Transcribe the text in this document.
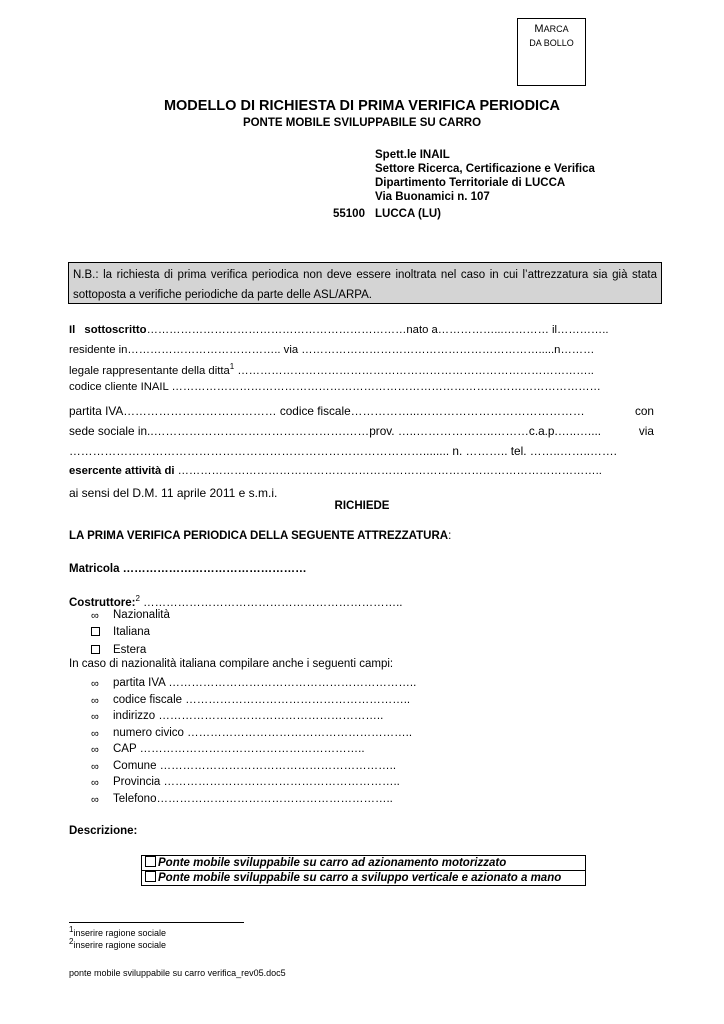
MARCA
DA BOLLO
MODELLO DI RICHIESTA DI PRIMA VERIFICA PERIODICA
PONTE MOBILE SVILUPPABILE SU CARRO
Spett.le INAIL
Settore Ricerca, Certificazione e Verifica
Dipartimento Territoriale di LUCCA
Via Buonamici n. 107
55100 LUCCA (LU)
N.B.: la richiesta di prima verifica periodica non deve essere inoltrata nel caso in cui l’attrezzatura sia già stata sottoposta a verifiche periodiche da parte delle ASL/ARPA.
Il sottoscritto……………………………………………………………nato a……………...………… il…………..
residente in………………………………….. via ……………………………………………………….....n………
legale rappresentante della ditta$^1$ …………………………………………………………………………………..
codice cliente INAIL ……………………………………………………………………………………………………
partita IVA………………………………… codice fiscale……………...……………………………………	con
sede sociale in..………………………………………….……prov. …..………………..………c.a.p.…..…....	via
………………………………………………………………………………........ n. ……….. tel. ……..……..…….
esercente attività di …………………………………………………………………………………………………..
ai sensi del D.M. 11 aprile 2011 e s.m.i.
RICHIEDE
LA PRIMA VERIFICA PERIODICA DELLA SEGUENTE ATTREZZATURA:
Matricola …………………………………………
Costruttore:$^2$ …………………………………………………………..
∞ Nazionalità
Italiana
Estera
In caso di nazionalità italiana compilare anche i seguenti campi:
∞ partita IVA ………………………………………………………..
∞ codice fiscale …………………………………………………..
∞ indirizzo …………………………………………………..
∞ numero civico …………………………………………………..
∞ CAP …………………………………………………..
∞ Comune ……………………………………………………..
∞ Provincia ……………………………………………………..
∞ Telefono……………………………………………………..
Descrizione:
Ponte mobile sviluppabile su carro ad azionamento motorizzato
Ponte mobile sviluppabile su carro a sviluppo verticale e azionato a mano
$^1$inserire ragione sociale
$^2$inserire ragione sociale
ponte mobile sviluppabile su carro verifica_rev05.doc5
